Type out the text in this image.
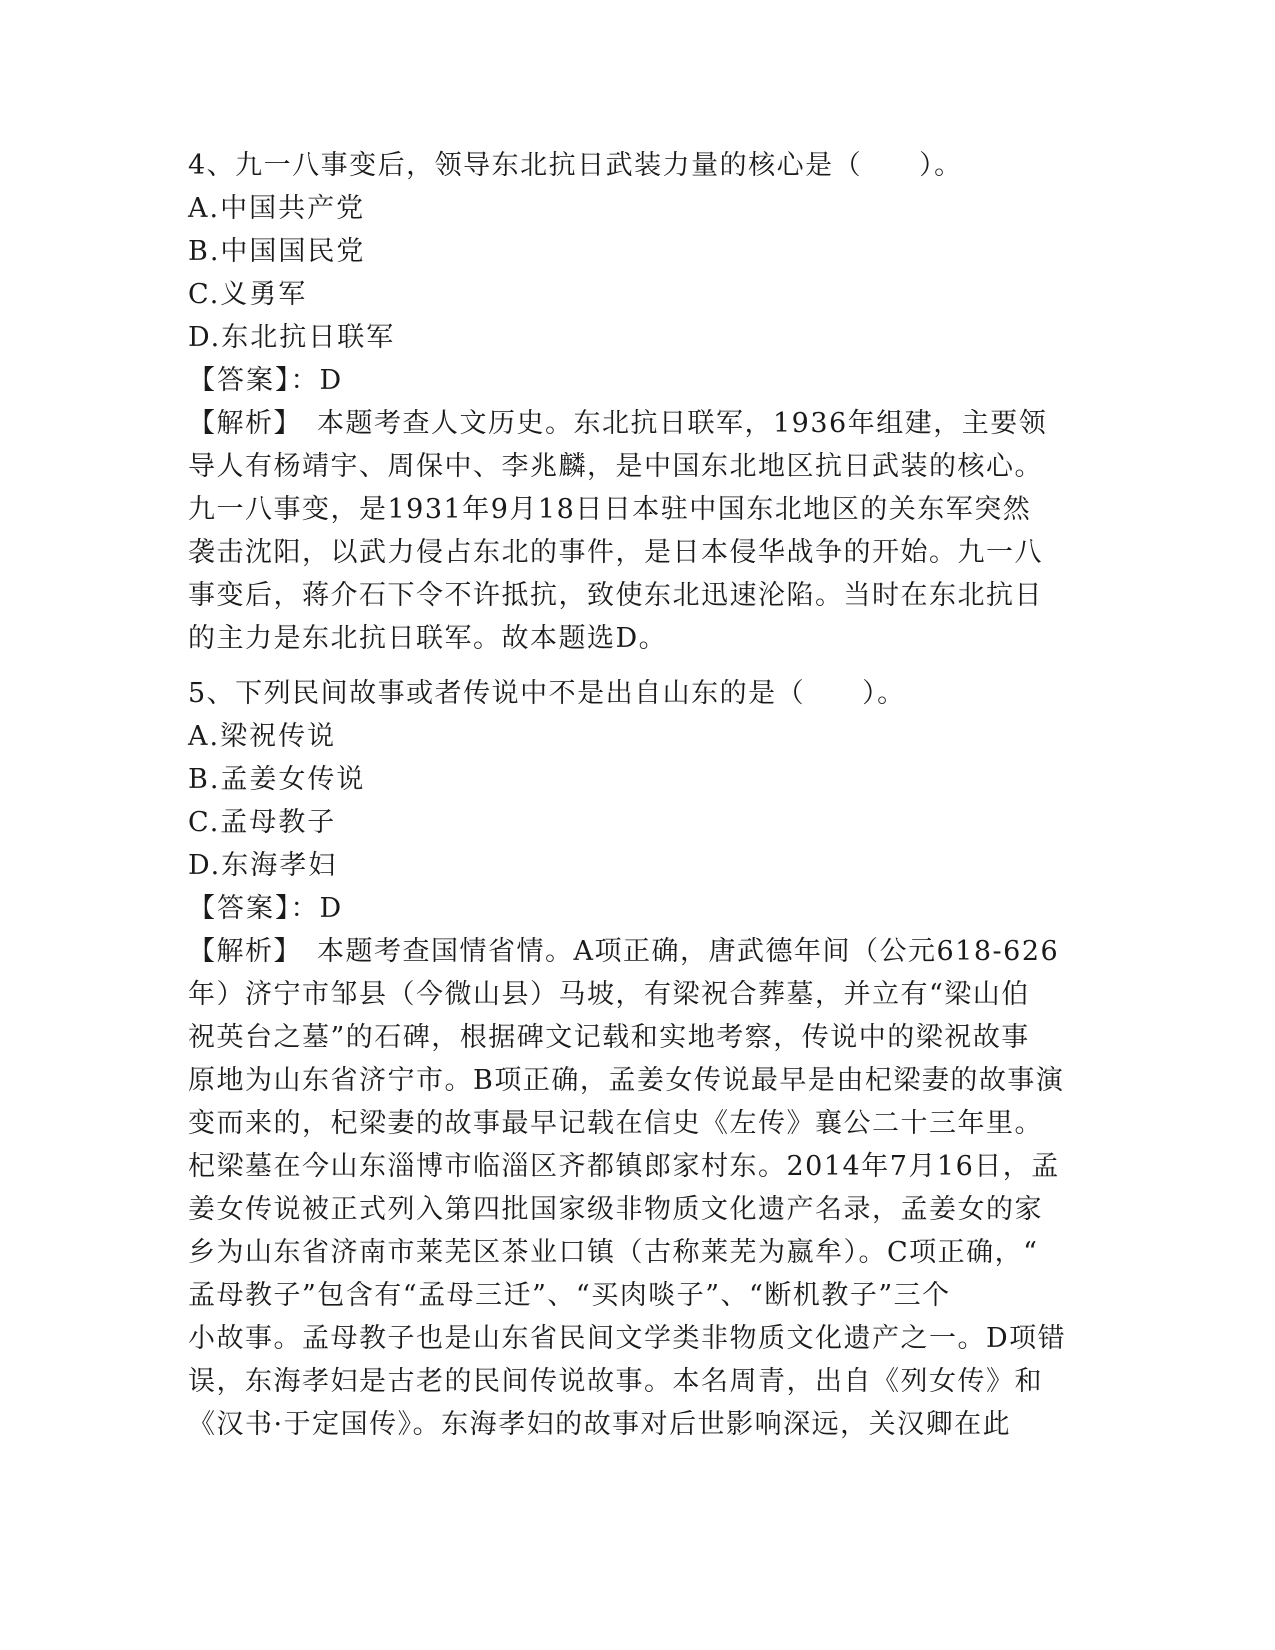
4、九一八事变后，领导东北抗日武装力量的核心是（　　）。
A.中国共产党
B.中国国民党
C.义勇军
D.东北抗日联军
【答案】：D
【解析】　本题考查人文历史。东北抗日联军，1936年组建，主要领
导人有杨靖宇、周保中、李兆麟，是中国东北地区抗日武装的核心。
九一八事变，是1931年9月18日日本驻中国东北地区的关东军突然
袭击沈阳，以武力侵占东北的事件，是日本侵华战争的开始。九一八
事变后，蒋介石下令不许抵抗，致使东北迅速沦陷。当时在东北抗日
的主力是东北抗日联军。故本题选D。
5、下列民间故事或者传说中不是出自山东的是（　　）。
A.梁祝传说
B.孟姜女传说
C.孟母教子
D.东海孝妇
【答案】：D
【解析】　本题考查国情省情。A项正确，唐武德年间（公元618-626
年）济宁市邹县（今微山县）马坡，有梁祝合葬墓，并立有“梁山伯
祝英台之墓”的石碑，根据碑文记载和实地考察，传说中的梁祝故事
原地为山东省济宁市。B项正确，孟姜女传说最早是由杞梁妻的故事演
变而来的，杞梁妻的故事最早记载在信史《左传》襄公二十三年里。
杞梁墓在今山东淄博市临淄区齐都镇郎家村东。2014年7月16日，孟
姜女传说被正式列入第四批国家级非物质文化遗产名录，孟姜女的家
乡为山东省济南市莱芜区茶业口镇（古称莱芜为嬴牟）。C项正确，“
孟母教子”包含有“孟母三迁”、“买肉啖子”、“断机教子”三个
小故事。孟母教子也是山东省民间文学类非物质文化遗产之一。D项错
误，东海孝妇是古老的民间传说故事。本名周青，出自《列女传》和
《汉书·于定国传》。东海孝妇的故事对后世影响深远，关汉卿在此
